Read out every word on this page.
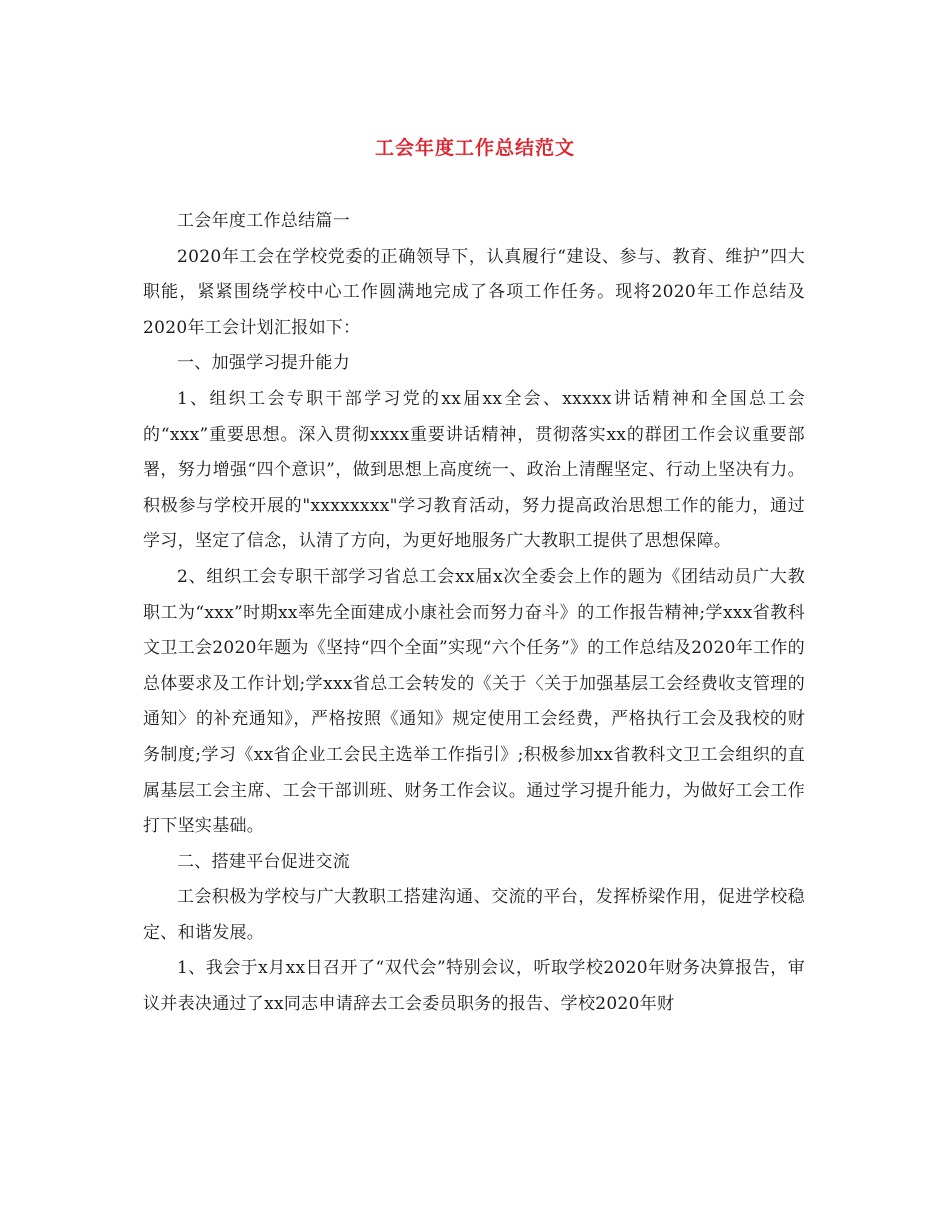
工会年度工作总结范文

工会年度工作总结篇一

2020年工会在学校党委的正确领导下，认真履行“建设、参与、教育、维护”四大职能，紧紧围绕学校中心工作圆满地完成了各项工作任务。现将2020年工作总结及2020年工会计划汇报如下：

一、加强学习提升能力

1、组织工会专职干部学习党的xx届xx全会、xxxxx讲话精神和全国总工会的“xxx”重要思想。深入贯彻xxxx重要讲话精神，贯彻落实xx的群团工作会议重要部署，努力增强“四个意识”，做到思想上高度统一、政治上清醒坚定、行动上坚决有力。积极参与学校开展的"xxxxxxxx"学习教育活动，努力提高政治思想工作的能力，通过学习，坚定了信念，认清了方向，为更好地服务广大教职工提供了思想保障。

2、组织工会专职干部学习省总工会xx届x次全委会上作的题为《团结动员广大教职工为“xxx”时期xx率先全面建成小康社会而努力奋斗》的工作报告精神;学xxx省教科文卫工会2020年题为《坚持“四个全面”实现“六个任务”》的工作总结及2020年工作的总体要求及工作计划;学xxx省总工会转发的《关于〈关于加强基层工会经费收支管理的通知〉的补充通知》，严格按照《通知》规定使用工会经费，严格执行工会及我校的财务制度;学习《xx省企业工会民主选举工作指引》;积极参加xx省教科文卫工会组织的直属基层工会主席、工会干部训班、财务工作会议。通过学习提升能力，为做好工会工作打下坚实基础。

二、搭建平台促进交流

工会积极为学校与广大教职工搭建沟通、交流的平台，发挥桥梁作用，促进学校稳定、和谐发展。

1、我会于x月xx日召开了“双代会”特别会议，听取学校2020年财务决算报告，审议并表决通过了xx同志申请辞去工会委员职务的报告、学校2020年财
